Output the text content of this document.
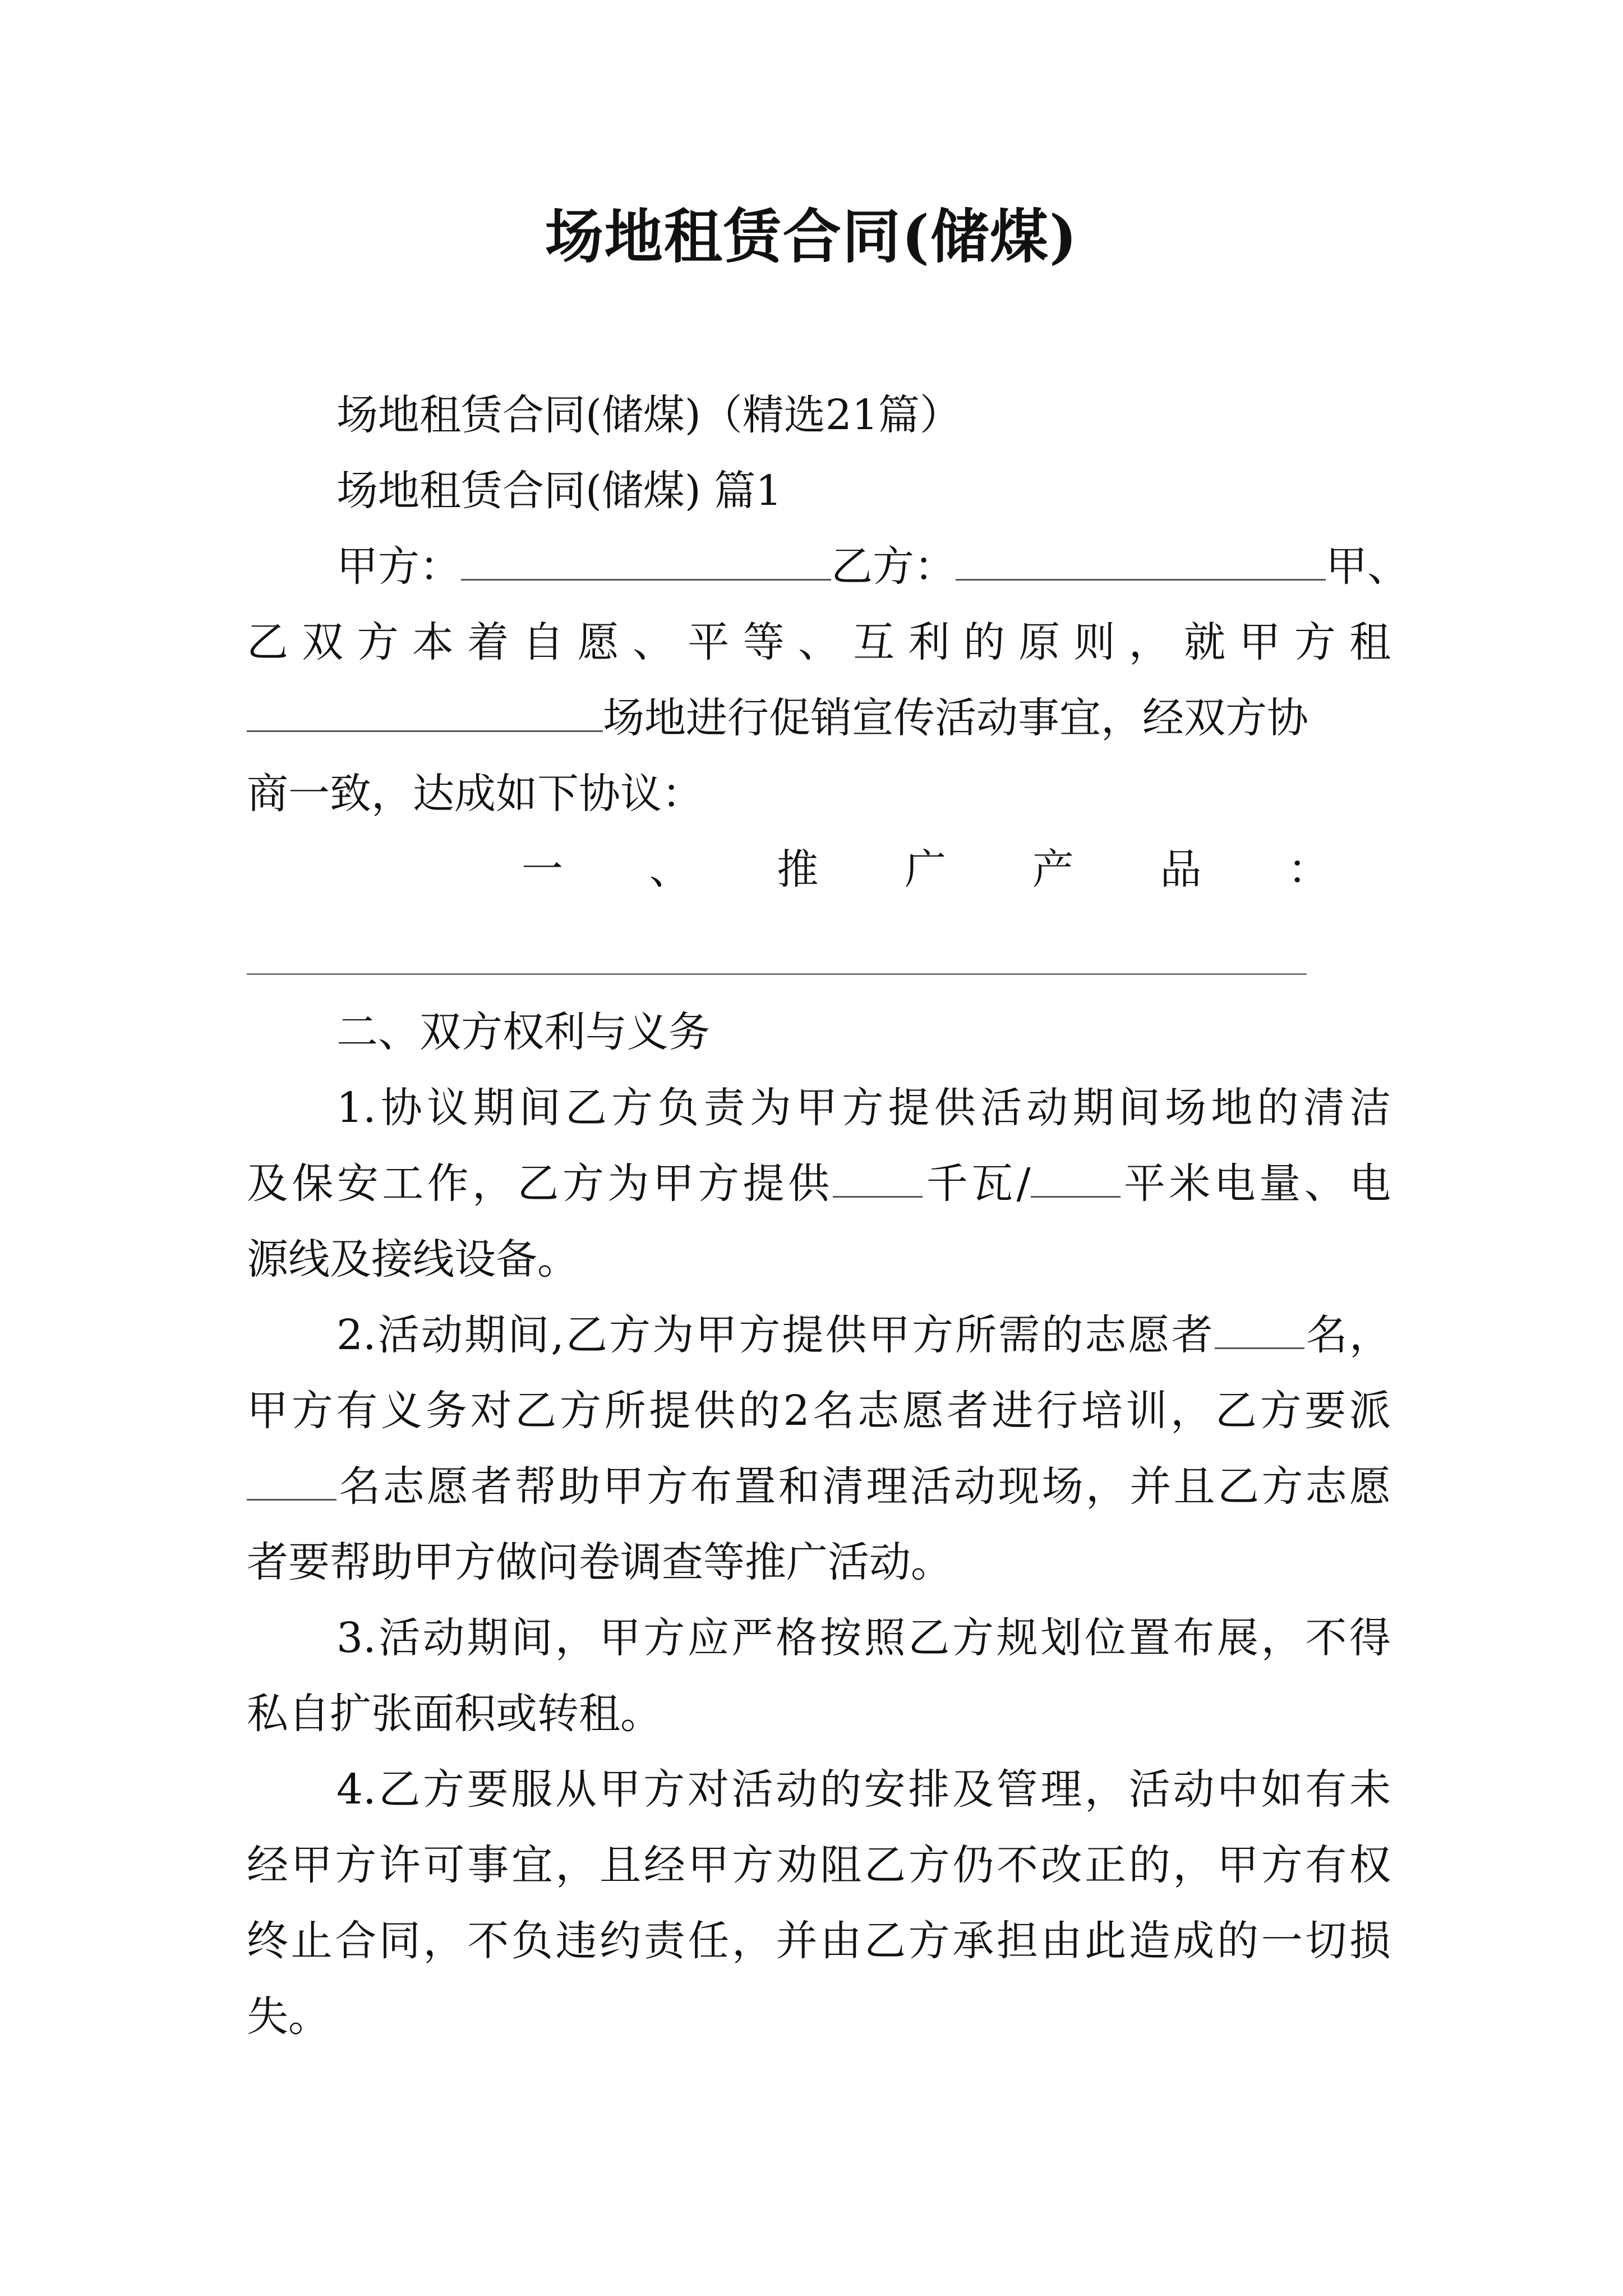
场地租赁合同(储煤)
场地租赁合同(储煤)（精选21篇）
场地租赁合同(储煤) 篇1
甲方：	乙方：	甲、
乙双方本着自愿、平等、互利的原则，就甲方租
场地进行促销宣传活动事宜，经双方协
商一致，达成如下协议：
一、推广产品：
二、双方权利与义务
1.协议期间乙方负责为甲方提供活动期间场地的清洁
及保安工作，乙方为甲方提供 千瓦/ 平米电量、电
源线及接线设备。
2.活动期间,乙方为甲方提供甲方所需的志愿者 名，
甲方有义务对乙方所提供的2名志愿者进行培训，乙方要派
名志愿者帮助甲方布置和清理活动现场，并且乙方志愿
者要帮助甲方做问卷调查等推广活动。
3.活动期间，甲方应严格按照乙方规划位置布展，不得
私自扩张面积或转租。
4.乙方要服从甲方对活动的安排及管理，活动中如有未
经甲方许可事宜，且经甲方劝阻乙方仍不改正的，甲方有权
终止合同，不负违约责任，并由乙方承担由此造成的一切损
失。
